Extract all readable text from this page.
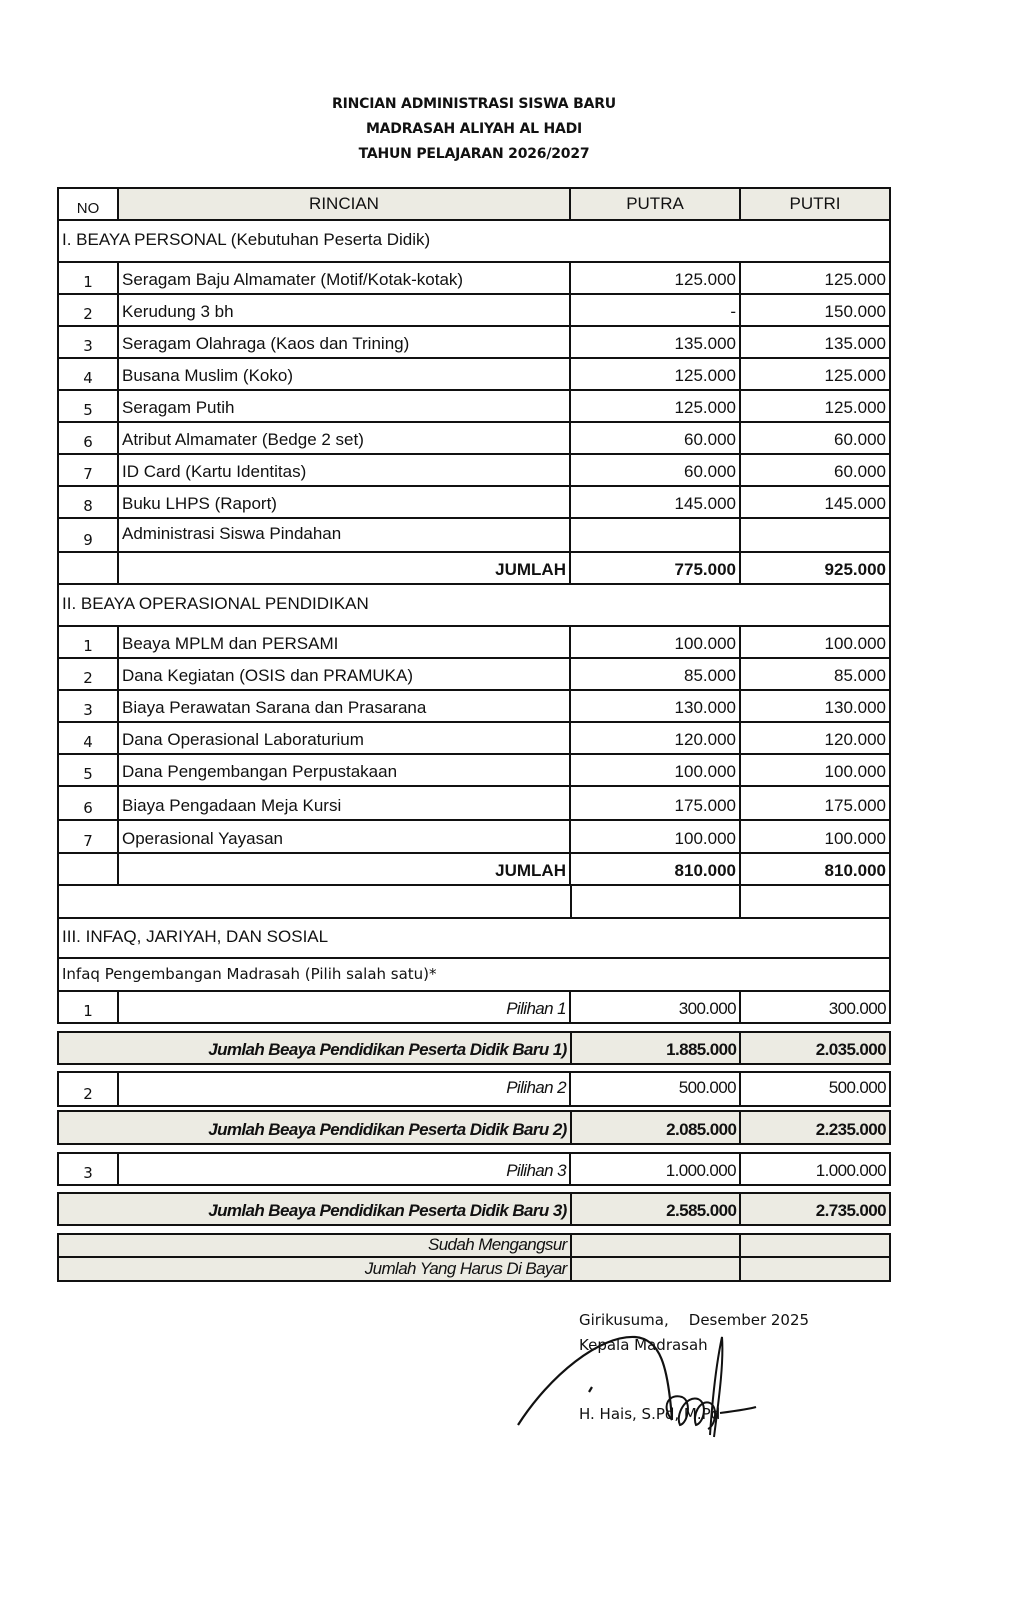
RINCIAN ADMINISTRASI SISWA BARU
MADRASAH ALIYAH AL HADI
TAHUN PELAJARAN 2026/2027
NO	RINCIAN	PUTRA	PUTRI
I. BEAYA PERSONAL (Kebutuhan Peserta Didik)
1	Seragam Baju Almamater (Motif/Kotak-kotak)	125.000	125.000
2	Kerudung 3 bh	-	150.000
3	Seragam Olahraga (Kaos dan Trining)	135.000	135.000
4	Busana Muslim (Koko)	125.000	125.000
5	Seragam Putih	125.000	125.000
6	Atribut Almamater (Bedge 2 set)	60.000	60.000
7	ID Card (Kartu Identitas)	60.000	60.000
8	Buku LHPS (Raport)	145.000	145.000
9	Administrasi Siswa Pindahan
JUMLAH	775.000	925.000
II. BEAYA OPERASIONAL PENDIDIKAN
1	Beaya MPLM dan PERSAMI	100.000	100.000
2	Dana Kegiatan (OSIS dan PRAMUKA)	85.000	85.000
3	Biaya Perawatan Sarana dan Prasarana	130.000	130.000
4	Dana Operasional Laboraturium	120.000	120.000
5	Dana Pengembangan Perpustakaan	100.000	100.000
6	Biaya Pengadaan Meja Kursi	175.000	175.000
7	Operasional Yayasan	100.000	100.000
JUMLAH	810.000	810.000
III. INFAQ, JARIYAH, DAN SOSIAL
Infaq Pengembangan Madrasah (Pilih salah satu)*
1	Pilihan 1	300.000	300.000
Jumlah Beaya Pendidikan Peserta Didik Baru 1)	1.885.000	2.035.000
2	Pilihan 2	500.000	500.000
Jumlah Beaya Pendidikan Peserta Didik Baru 2)	2.085.000	2.235.000
3	Pilihan 3	1.000.000	1.000.000
Jumlah Beaya Pendidikan Peserta Didik Baru 3)	2.585.000	2.735.000
Sudah Mengangsur
Jumlah Yang Harus Di Bayar
Girikusuma, Desember 2025
Kepala Madrasah
H. Hais, S.Pd, M.Pd
